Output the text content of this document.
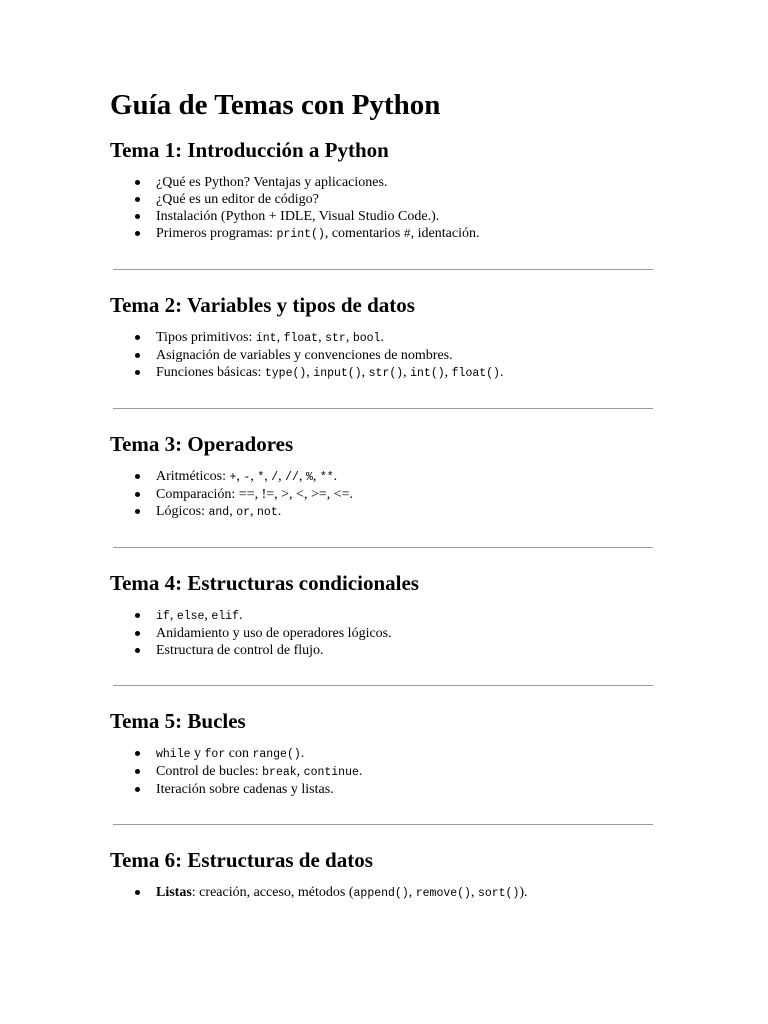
Guía de Temas con Python
Tema 1: Introducción a Python
¿Qué es Python? Ventajas y aplicaciones.
¿Qué es un editor de código?
Instalación (Python + IDLE, Visual Studio Code.).
Primeros programas: print(), comentarios #, identación.
Tema 2: Variables y tipos de datos
Tipos primitivos: int, float, str, bool.
Asignación de variables y convenciones de nombres.
Funciones básicas: type(), input(), str(), int(), float().
Tema 3: Operadores
Aritméticos: +, -, *, /, //, %, **.
Comparación: ==, !=, >, <, >=, <=.
Lógicos: and, or, not.
Tema 4: Estructuras condicionales
if, else, elif.
Anidamiento y uso de operadores lógicos.
Estructura de control de flujo.
Tema 5: Bucles
while y for con range().
Control de bucles: break, continue.
Iteración sobre cadenas y listas.
Tema 6: Estructuras de datos
Listas: creación, acceso, métodos (append(), remove(), sort()).
